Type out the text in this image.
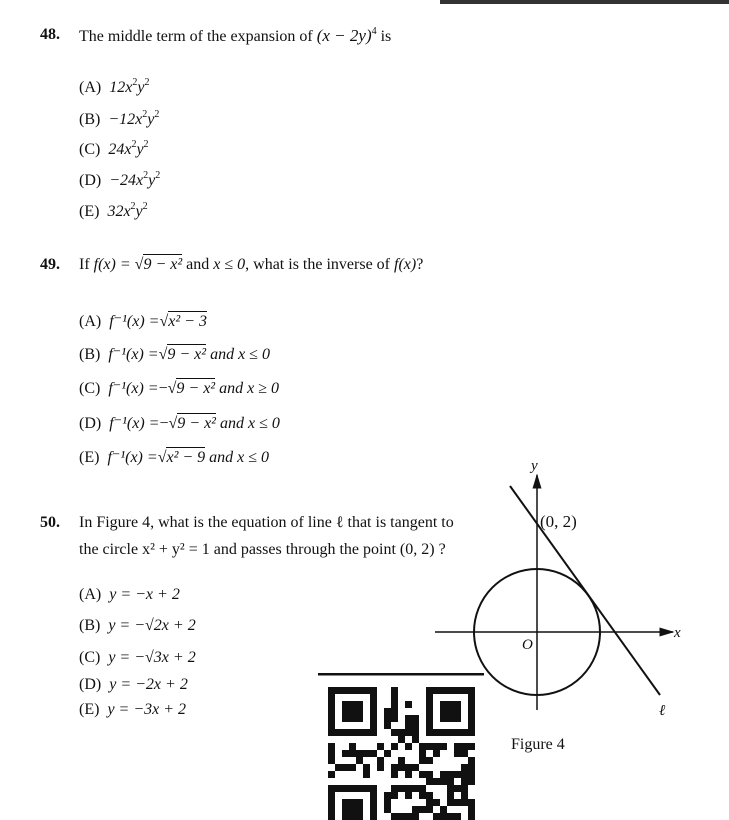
48. The middle term of the expansion of $(x - 2y)^4$ is
(A) $12x^2y^2$
$(B) -12x^2y^2$
(C) $24x^2y^2$
$(D) -24x^2y^2$
(E) $32x^2y^2$
49. If f(x) = √9 − x² and x ≤ 0, what is the inverse of f(x)?
(A) f⁻¹(x) =√x² − 3
(B) f⁻¹(x) =√9 − x² and x ≤ 0
(C) f⁻¹(x) =−√9 − x² and x ≥ 0
(D) f⁻¹(x) =−√9 − x² and x ≤ 0
(E) f⁻¹(x) =√x² − 9 and x ≤ 0
50. In Figure 4, what is the equation of line ℓ that is tangent to
the circle x² + y² = 1 and passes through the point (0, 2) ?
(A) y = −x + 2
(B) y = −√2x + 2
(C) y = −√3x + 2
(D) y = −2x + 2
(E) y = −3x + 2
y
x
O
(0, 2)
ℓ
Figure 4
